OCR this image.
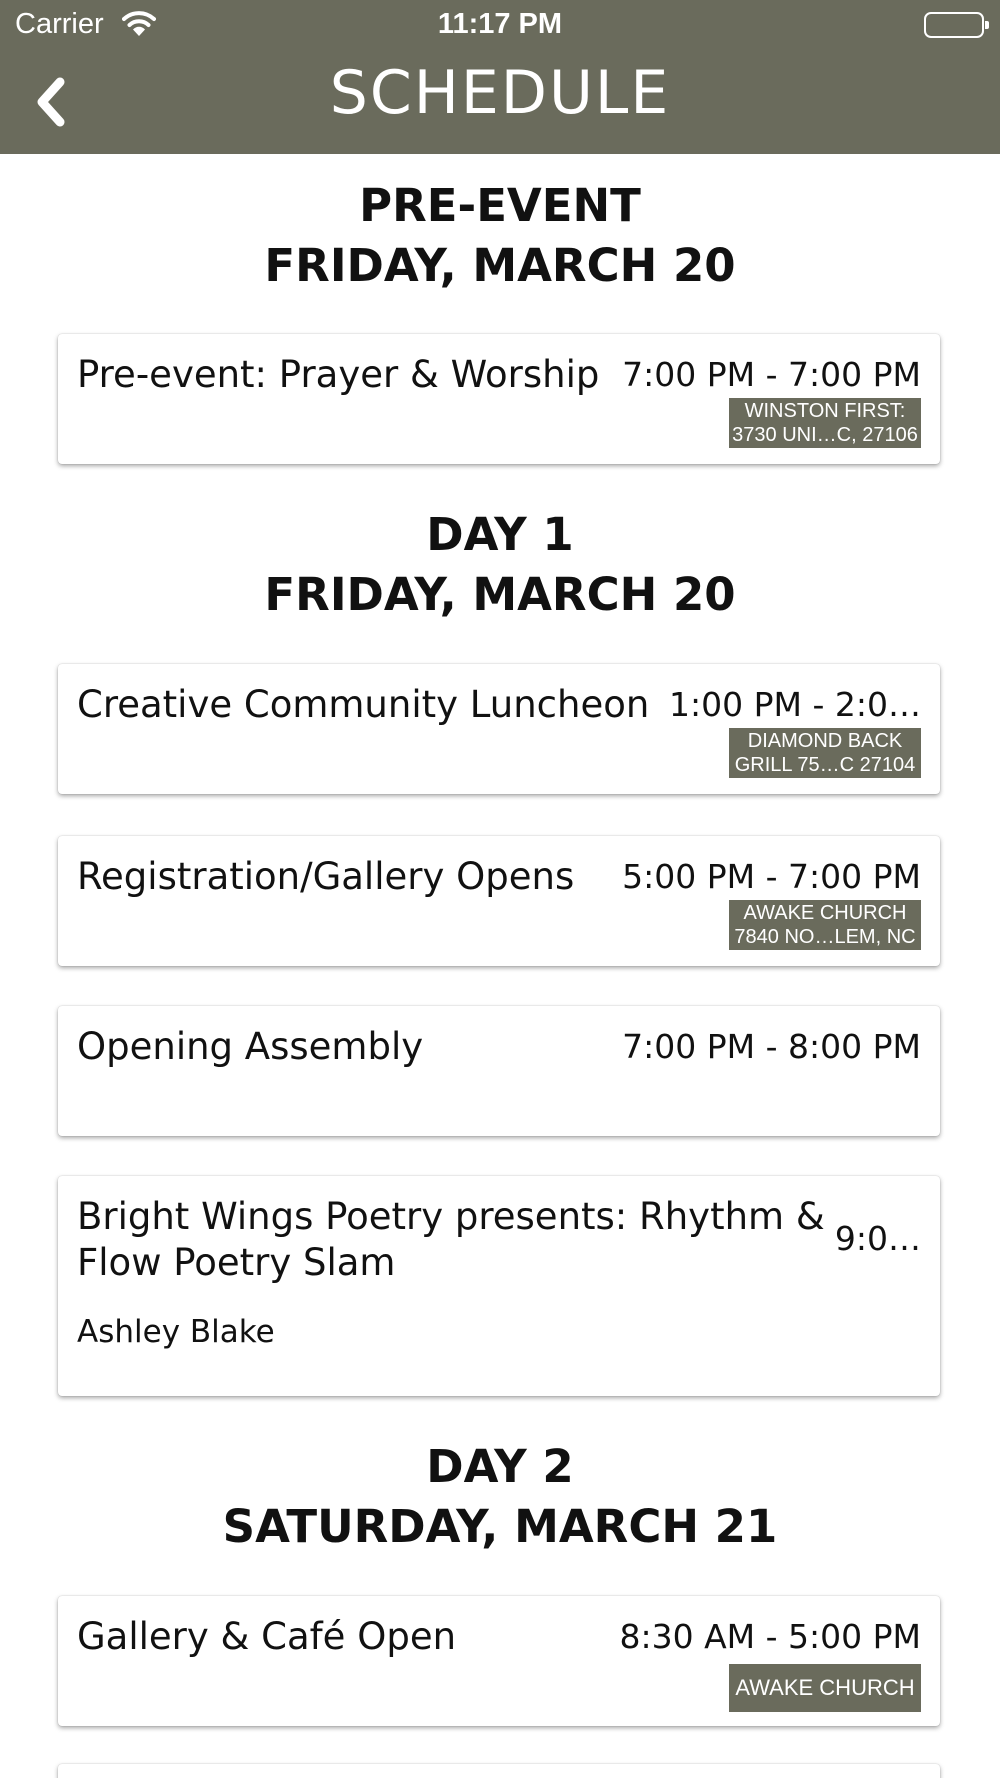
Carrier	11:17 PM
SCHEDULE
PRE-EVENT
FRIDAY, MARCH 20
Pre-event: Prayer & Worship 7:00 PM - 7:00 PM
WINSTON FIRST:
3730 UNI…C, 27106
DAY 1
FRIDAY, MARCH 20
Creative Community Luncheon 1:00 PM - 2:0…
DIAMOND BACK
GRILL 75…C 27104
Registration/Gallery Opens 5:00 PM - 7:00 PM
AWAKE CHURCH
7840 NO…LEM, NC
Opening Assembly	7:00 PM - 8:00 PM
Bright Wings Poetry presents: Rhythm & Flow Poetry Slam
9:0…
Ashley Blake
DAY 2
SATURDAY, MARCH 21
Gallery & Café Open	8:30 AM - 5:00 PM
AWAKE CHURCH
